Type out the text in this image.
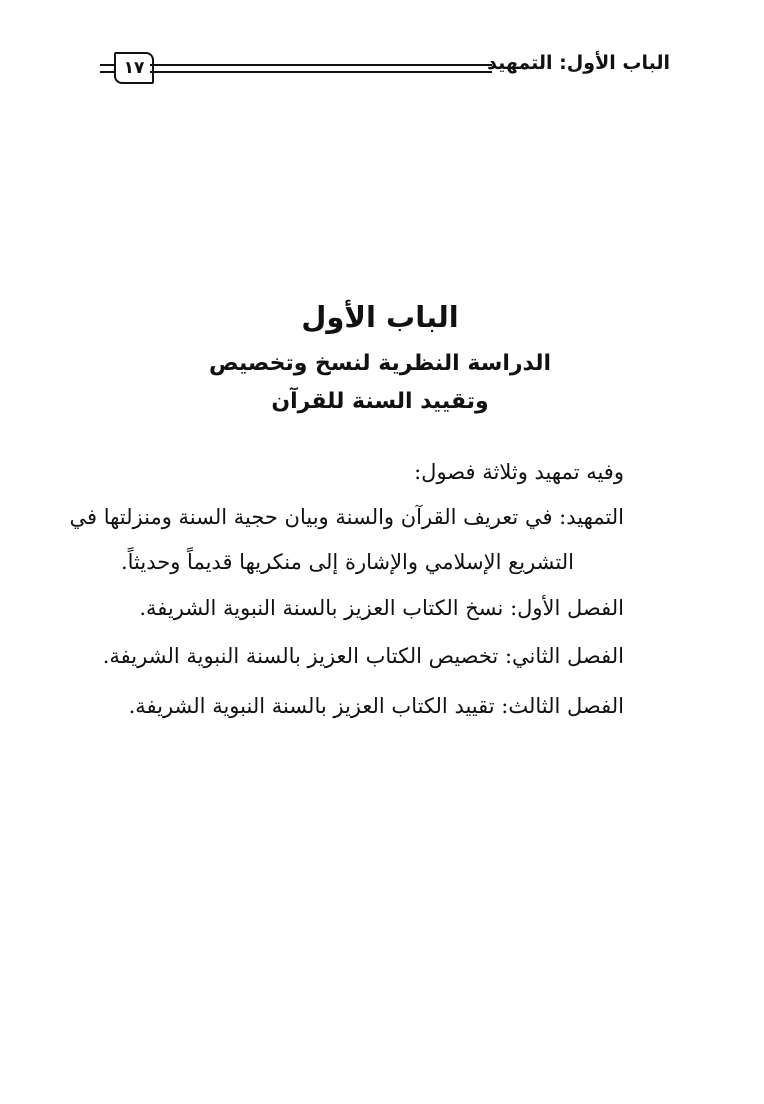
١٧	الباب الأول: التمهيد
الباب الأول
الدراسة النظرية لنسخ وتخصيص
وتقييد السنة للقرآن
وفيه تمهيد وثلاثة فصول:
التمهيد: في تعريف القرآن والسنة وبيان حجية السنة ومنزلتها في
التشريع الإسلامي والإشارة إلى منكريها قديماً وحديثاً.
الفصل الأول: نسخ الكتاب العزيز بالسنة النبوية الشريفة.
الفصل الثاني: تخصيص الكتاب العزيز بالسنة النبوية الشريفة.
الفصل الثالث: تقييد الكتاب العزيز بالسنة النبوية الشريفة.
